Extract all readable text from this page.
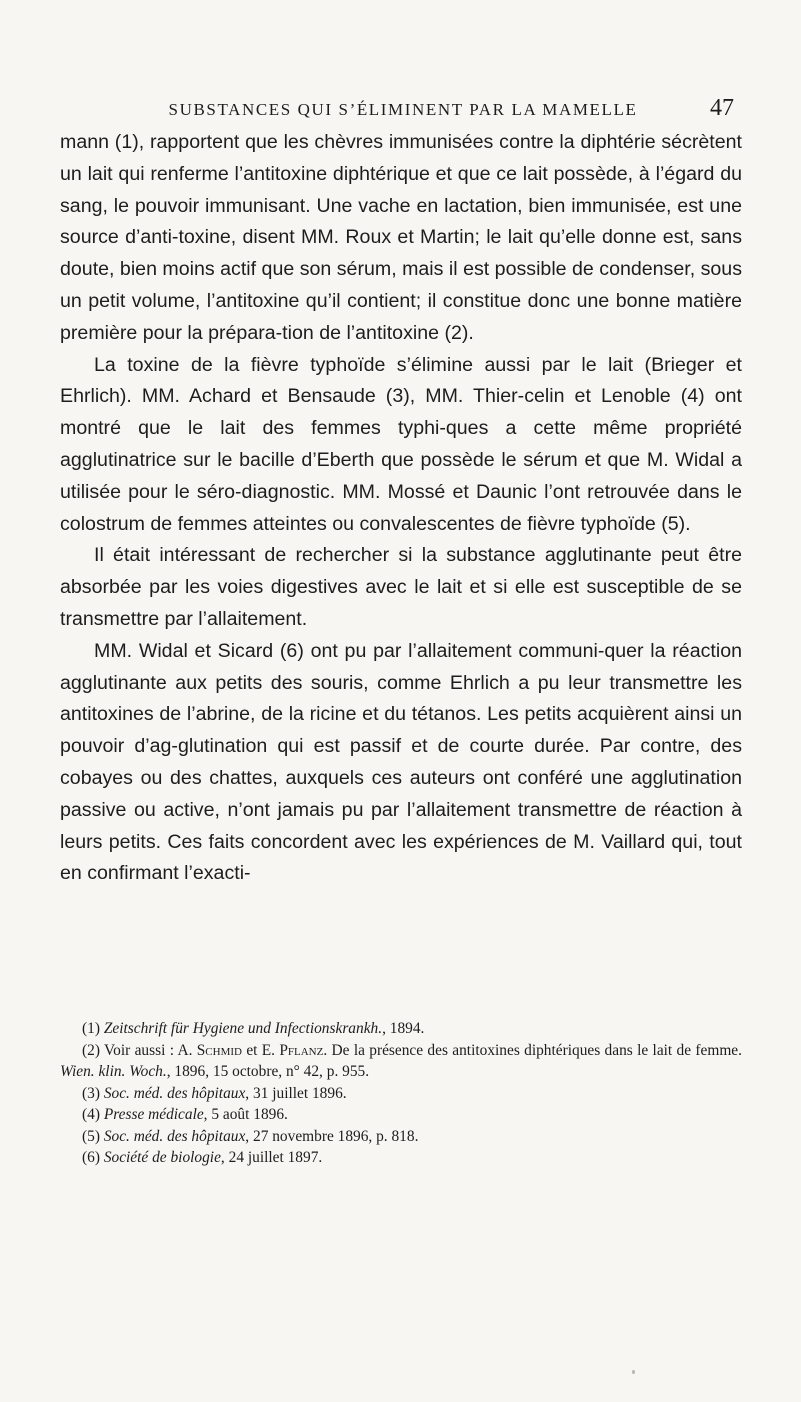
SUBSTANCES QUI S’ÉLIMINENT PAR LA MAMELLE	47

mann (1), rapportent que les chèvres immunisées contre la diphtérie sécrètent un lait qui renferme l’antitoxine diphtérique et que ce lait possède, à l’égard du sang, le pouvoir immunisant. Une vache en lactation, bien immunisée, est une source d’anti-toxine, disent MM. Roux et Martin; le lait qu’elle donne est, sans doute, bien moins actif que son sérum, mais il est possible de condenser, sous un petit volume, l’antitoxine qu’il contient; il constitue donc une bonne matière première pour la prépara-tion de l’antitoxine (2).

La toxine de la fièvre typhoïde s’élimine aussi par le lait (Brieger et Ehrlich). MM. Achard et Bensaude (3), MM. Thier-celin et Lenoble (4) ont montré que le lait des femmes typhi-ques a cette même propriété agglutinatrice sur le bacille d’Eberth que possède le sérum et que M. Widal a utilisée pour le séro-diagnostic. MM. Mossé et Daunic l’ont retrouvée dans le colostrum de femmes atteintes ou convalescentes de fièvre typhoïde (5).

Il était intéressant de rechercher si la substance agglutinante peut être absorbée par les voies digestives avec le lait et si elle est susceptible de se transmettre par l’allaitement.

MM. Widal et Sicard (6) ont pu par l’allaitement communi-quer la réaction agglutinante aux petits des souris, comme Ehrlich a pu leur transmettre les antitoxines de l’abrine, de la ricine et du tétanos. Les petits acquièrent ainsi un pouvoir d’ag-glutination qui est passif et de courte durée. Par contre, des cobayes ou des chattes, auxquels ces auteurs ont conféré une agglutination passive ou active, n’ont jamais pu par l’allaitement transmettre de réaction à leurs petits. Ces faits concordent avec les expériences de M. Vaillard qui, tout en confirmant l’exacti-

(1) Zeitschrift für Hygiene und Infectionskrankh., 1894.

(2) Voir aussi : A. Schmid et E. Pflanz. De la présence des antitoxines diphtériques dans le lait de femme. Wien. klin. Woch., 1896, 15 octobre, n° 42, p. 955.

(3) Soc. méd. des hôpitaux, 31 juillet 1896.

(4) Presse médicale, 5 août 1896.

(5) Soc. méd. des hôpitaux, 27 novembre 1896, p. 818.

(6) Société de biologie, 24 juillet 1897.
